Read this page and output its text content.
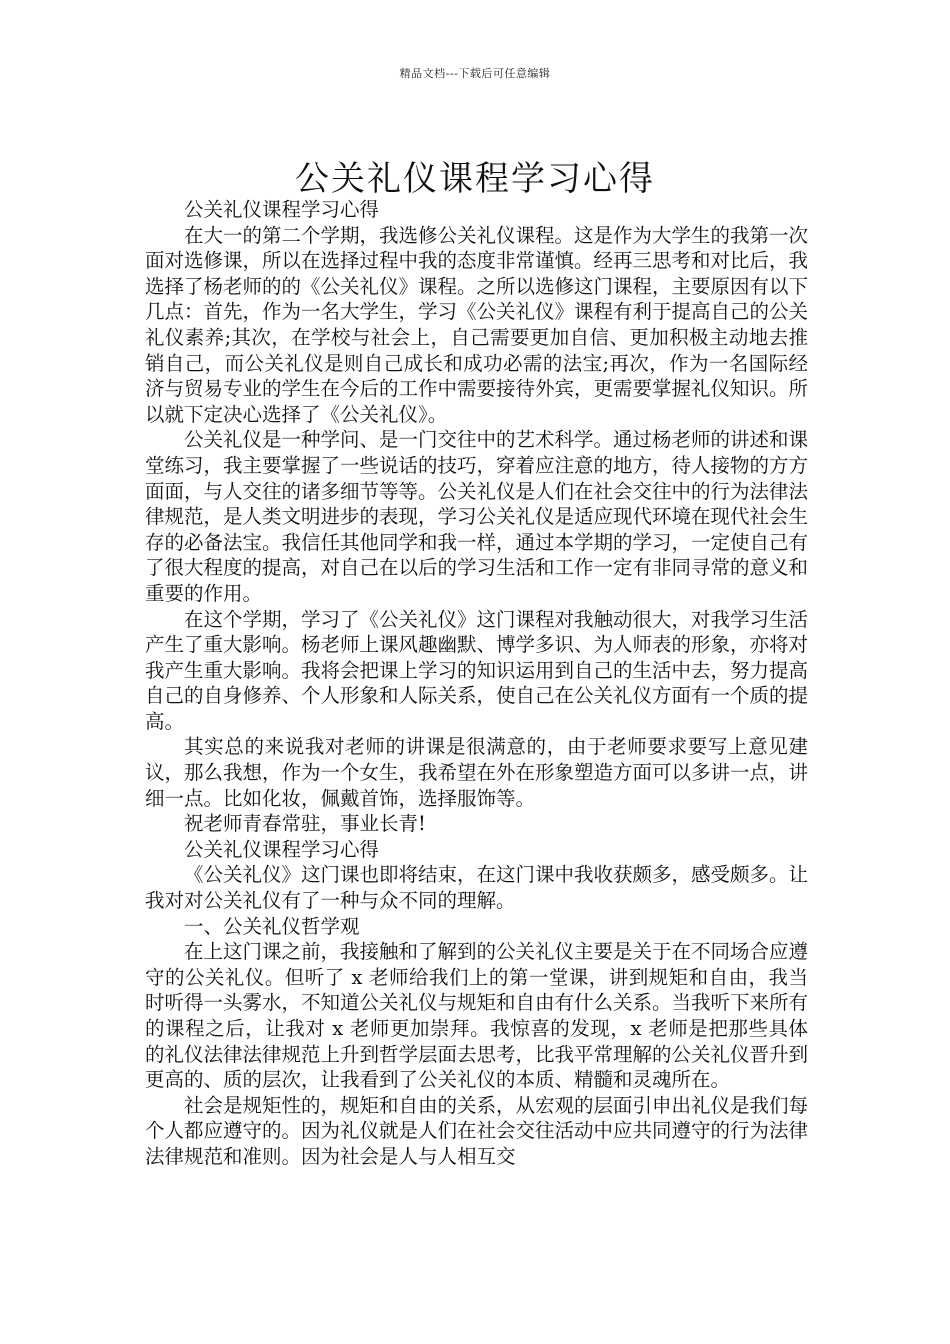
精品文档---下载后可任意编辑
公关礼仪课程学习心得

公关礼仪课程学习心得

在大一的第二个学期，我选修公关礼仪课程。这是作为大学生的我第一次面对选修课，所以在选择过程中我的态度非常谨慎。经再三思考和对比后，我选择了杨老师的的《公关礼仪》课程。之所以选修这门课程，主要原因有以下几点：首先，作为一名大学生，学习《公关礼仪》课程有利于提高自己的公关礼仪素养;其次，在学校与社会上，自己需要更加自信、更加积极主动地去推销自己，而公关礼仪是则自己成长和成功必需的法宝;再次，作为一名国际经济与贸易专业的学生在今后的工作中需要接待外宾，更需要掌握礼仪知识。所以就下定决心选择了《公关礼仪》。

公关礼仪是一种学问、是一门交往中的艺术科学。通过杨老师的讲述和课堂练习，我主要掌握了一些说话的技巧，穿着应注意的地方，待人接物的方方面面，与人交往的诸多细节等等。公关礼仪是人们在社会交往中的行为法律法律规范，是人类文明进步的表现，学习公关礼仪是适应现代环境在现代社会生存的必备法宝。我信任其他同学和我一样，通过本学期的学习，一定使自己有了很大程度的提高，对自己在以后的学习生活和工作一定有非同寻常的意义和重要的作用。

在这个学期，学习了《公关礼仪》这门课程对我触动很大，对我学习生活产生了重大影响。杨老师上课风趣幽默、博学多识、为人师表的形象，亦将对我产生重大影响。我将会把课上学习的知识运用到自己的生活中去，努力提高自己的自身修养、个人形象和人际关系，使自己在公关礼仪方面有一个质的提高。

其实总的来说我对老师的讲课是很满意的，由于老师要求要写上意见建议，那么我想，作为一个女生，我希望在外在形象塑造方面可以多讲一点，讲细一点。比如化妆，佩戴首饰，选择服饰等。

祝老师青春常驻，事业长青!

公关礼仪课程学习心得

《公关礼仪》这门课也即将结束，在这门课中我收获颇多，感受颇多。让我对对公关礼仪有了一种与众不同的理解。

一、公关礼仪哲学观

在上这门课之前，我接触和了解到的公关礼仪主要是关于在不同场合应遵守的公关礼仪。但听了 x 老师给我们上的第一堂课，讲到规矩和自由，我当时听得一头雾水，不知道公关礼仪与规矩和自由有什么关系。当我听下来所有的课程之后，让我对 x 老师更加崇拜。我惊喜的发现，x 老师是把那些具体的礼仪法律法律规范上升到哲学层面去思考，比我平常理解的公关礼仪晋升到更高的、质的层次，让我看到了公关礼仪的本质、精髓和灵魂所在。

社会是规矩性的，规矩和自由的关系，从宏观的层面引申出礼仪是我们每个人都应遵守的。因为礼仪就是人们在社会交往活动中应共同遵守的行为法律法律规范和准则。因为社会是人与人相互交
